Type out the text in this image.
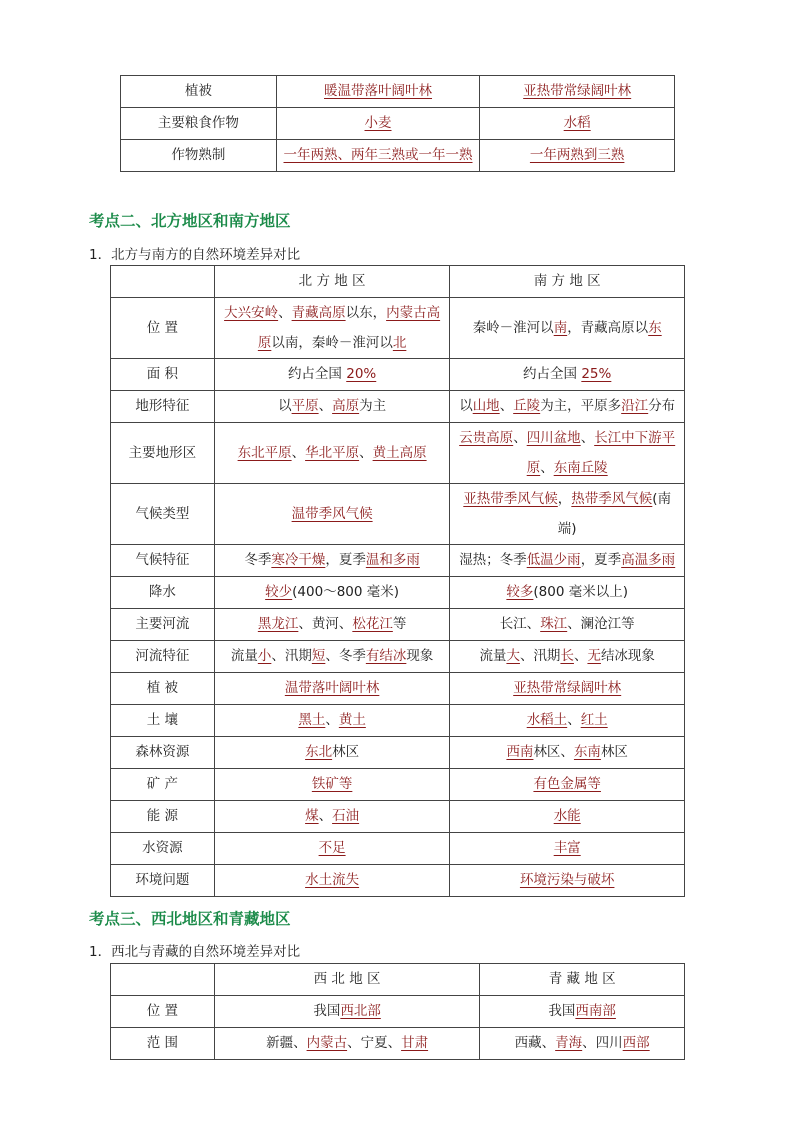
植被	暖温带落叶阔叶林	亚热带常绿阔叶林
主要粮食作物	小麦	水稻
作物熟制	一年两熟、两年三熟或一年一熟	一年两熟到三熟
考点二、北方地区和南方地区
1．北方与南方的自然环境差异对比
	北 方 地 区	南 方 地 区
位 置	大兴安岭、青藏高原以东，内蒙古高原以南，秦岭－淮河以北	秦岭－淮河以南，青藏高原以东
面 积	约占全国 20%	约占全国 25%
地形特征	以平原、高原为主	以山地、丘陵为主，平原多沿江分布
主要地形区	东北平原、华北平原、黄土高原	云贵高原、四川盆地、长江中下游平原、东南丘陵
气候类型	温带季风气候	亚热带季风气候，热带季风气候(南端)
气候特征	冬季寒冷干燥，夏季温和多雨	湿热；冬季低温少雨，夏季高温多雨
降水	较少(400～800 毫米)	较多(800 毫米以上)
主要河流	黑龙江、黄河、松花江等	长江、珠江、澜沧江等
河流特征	流量小、汛期短、冬季有结冰现象	流量大、汛期长、无结冰现象
植 被	温带落叶阔叶林	亚热带常绿阔叶林
土 壤	黑土、黄土	水稻土、红土
森林资源	东北林区	西南林区、东南林区
矿 产	铁矿等	有色金属等
能 源	煤、石油	水能
水资源	不足	丰富
环境问题	水土流失	环境污染与破坏
考点三、西北地区和青藏地区
1．西北与青藏的自然环境差异对比
	西 北 地 区	青 藏 地 区
位 置	我国西北部	我国西南部
范 围	新疆、内蒙古、宁夏、甘肃	西藏、青海、四川西部
